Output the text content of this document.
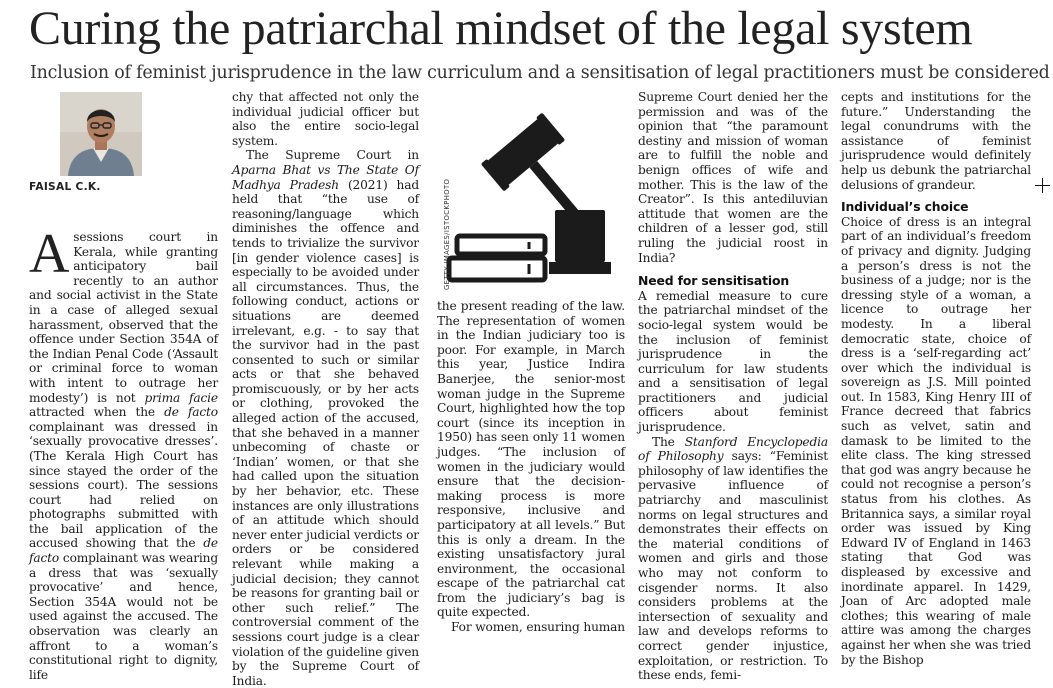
Curing the patriarchal mindset of the legal system

Inclusion of feminist jurisprudence in the law curriculum and a sensitisation of legal practitioners must be considered

FAISAL C.K.

Asessions court in Kerala, while granting anticipatory bail recently to an author and social activist in the State in a case of alleged sexual harassment, observed that the offence under Section 354A of the Indian Penal Code (‘Assault or criminal force to woman with intent to outrage her modesty’) is not prima facie attracted when the de facto complainant was dressed in ‘sexually provocative dresses’. (The Kerala High Court has since stayed the order of the sessions court). The sessions court had relied on photographs submitted with the bail application of the accused showing that the de facto complainant was wearing a dress that was ‘sexually provocative’ and hence, Section 354A would not be used against the accused. The observation was clearly an affront to a woman’s constitutional right to dignity, life

chy that affected not only the individual judicial officer but also the entire socio-legal system.

The Supreme Court in Aparna Bhat vs The State Of Madhya Pradesh (2021) had held that “the use of reasoning/language which diminishes the offence and tends to trivialize the survivor [in gender violence cases] is especially to be avoided under all circumstances. Thus, the following conduct, actions or situations are deemed irrelevant, e.g. - to say that the survivor had in the past consented to such or similar acts or that she behaved promiscuously, or by her acts or clothing, provoked the alleged action of the accused, that she behaved in a manner unbecoming of chaste or ‘Indian’ women, or that she had called upon the situation by her behavior, etc. These instances are only illustrations of an attitude which should never enter judicial verdicts or orders or be considered relevant while making a judicial decision; they cannot be reasons for granting bail or other such relief.” The controversial comment of the sessions court judge is a clear violation of the guideline given by the Supreme Court of India.

GETTY IMAGES/ISTOCKPHOTO

the present reading of the law. The representation of women in the Indian judiciary too is poor. For example, in March this year, Justice Indira Banerjee, the senior-most woman judge in the Supreme Court, highlighted how the top court (since its inception in 1950) has seen only 11 women judges. “The inclusion of women in the judiciary would ensure that the decision-making process is more responsive, inclusive and participatory at all levels.” But this is only a dream. In the existing unsatisfactory jural environment, the occasional escape of the patriarchal cat from the judiciary’s bag is quite expected.

For women, ensuring human

Supreme Court denied her the permission and was of the opinion that “the paramount destiny and mission of woman are to fulfill the noble and benign offices of wife and mother. This is the law of the Creator”. Is this antediluvian attitude that women are the children of a lesser god, still ruling the judicial roost in India?

Need for sensitisation

A remedial measure to cure the patriarchal mindset of the socio-legal system would be the inclusion of feminist jurisprudence in the curriculum for law students and a sensitisation of legal practitioners and judicial officers about feminist jurisprudence.

The Stanford Encyclopedia of Philosophy says: “Feminist philosophy of law identifies the pervasive influence of patriarchy and masculinist norms on legal structures and demonstrates their effects on the material conditions of women and girls and those who may not conform to cisgender norms. It also considers problems at the intersection of sexuality and law and develops reforms to correct gender injustice, exploitation, or restriction. To these ends, femi-

cepts and institutions for the future.” Understanding the legal conundrums with the assistance of feminist jurisprudence would definitely help us debunk the patriarchal delusions of grandeur.

Individual’s choice

Choice of dress is an integral part of an individual’s freedom of privacy and dignity. Judging a person’s dress is not the business of a judge; nor is the dressing style of a woman, a licence to outrage her modesty. In a liberal democratic state, choice of dress is a ‘self-regarding act’ over which the individual is sovereign as J.S. Mill pointed out. In 1583, King Henry III of France decreed that fabrics such as velvet, satin and damask to be limited to the elite class. The king stressed that god was angry because he could not recognise a person’s status from his clothes. As Britannica says, a similar royal order was issued by King Edward IV of England in 1463 stating that God was displeased by excessive and inordinate apparel. In 1429, Joan of Arc adopted male clothes; this wearing of male attire was among the charges against her when she was tried by the Bishop
